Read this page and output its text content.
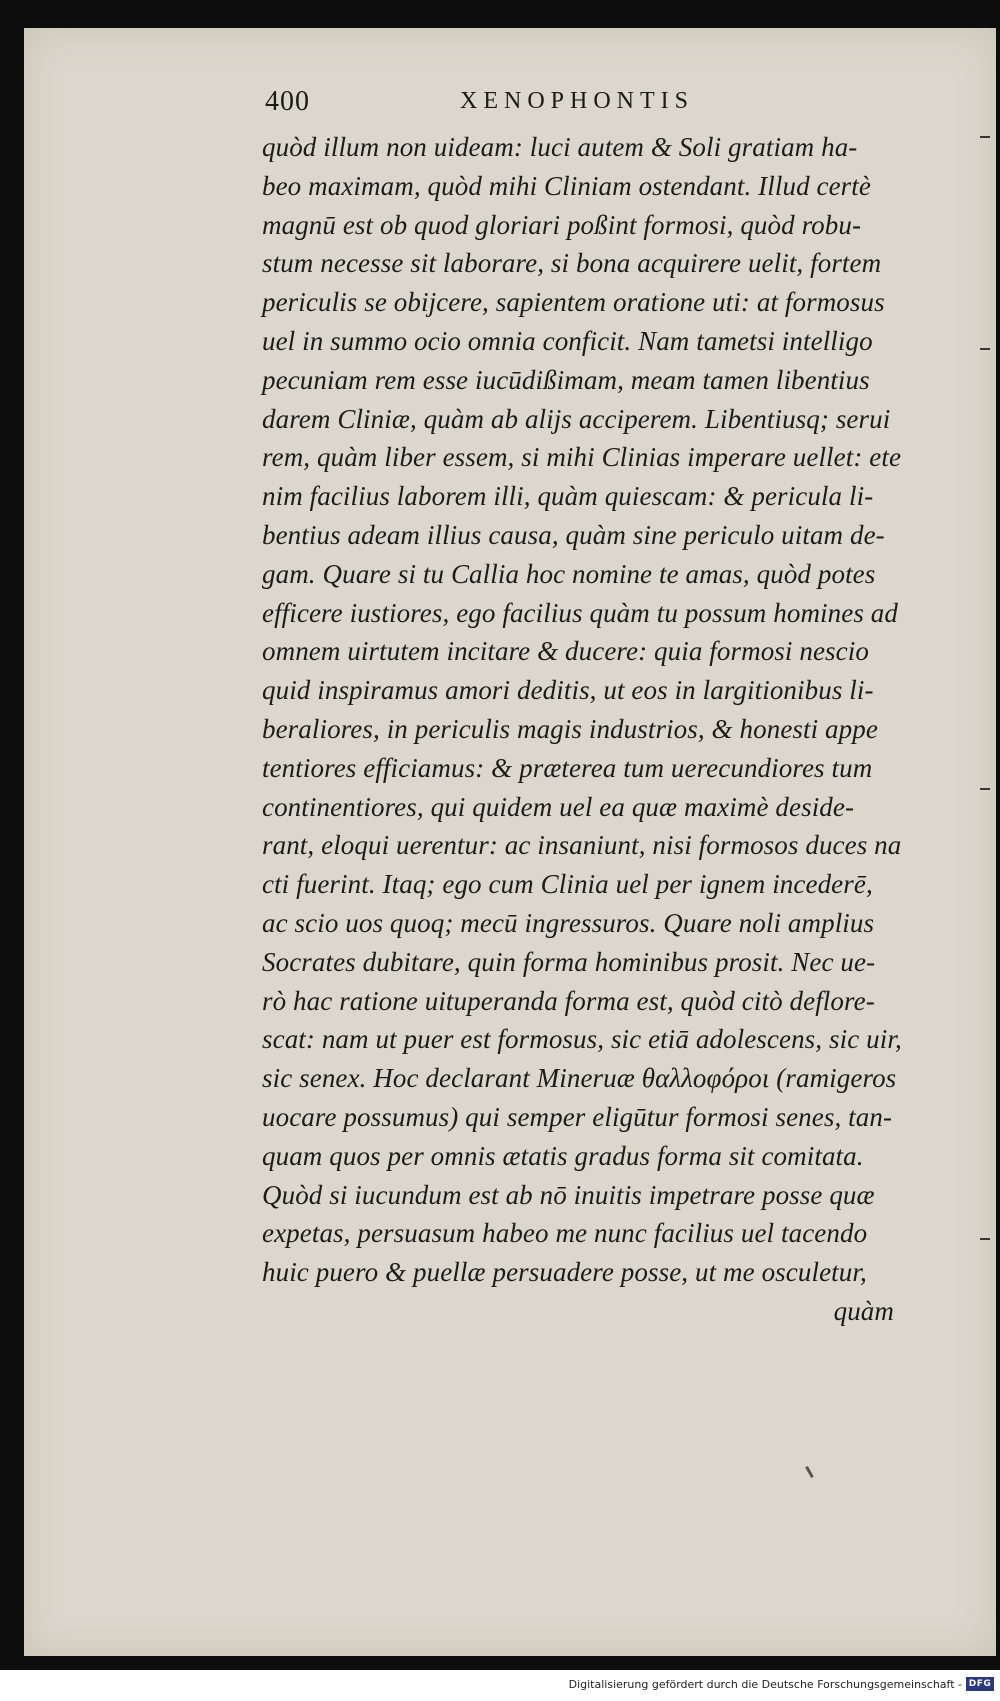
400	XENOPHONTIS
quòd illum non uideam: luci autem & Soli gratiam ha-
beo maximam, quòd mihi Cliniam ostendant. Illud certè
magnū est ob quod gloriari poßint formosi, quòd robu-
stum necesse sit laborare, si bona acquirere uelit, fortem
periculis se obijcere, sapientem oratione uti: at formosus
uel in summo ocio omnia conficit. Nam tametsi intelligo
pecuniam rem esse iucūdißimam, meam tamen libentius
darem Cliniæ, quàm ab alijs acciperem. Libentiusq; serui
rem, quàm liber essem, si mihi Clinias imperare uellet: ete
nim facilius laborem illi, quàm quiescam: & pericula li-
bentius adeam illius causa, quàm sine periculo uitam de-
gam. Quare si tu Callia hoc nomine te amas, quòd potes
efficere iustiores, ego facilius quàm tu possum homines ad
omnem uirtutem incitare & ducere: quia formosi nescio
quid inspiramus amori deditis, ut eos in largitionibus li-
beraliores, in periculis magis industrios, & honesti appe
tentiores efficiamus: & præterea tum uerecundiores tum
continentiores, qui quidem uel ea quæ maximè deside-
rant, eloqui uerentur: ac insaniunt, nisi formosos duces na
cti fuerint. Itaq; ego cum Clinia uel per ignem incederē,
ac scio uos quoq; mecū ingressuros. Quare noli amplius
Socrates dubitare, quin forma hominibus prosit. Nec ue-
rò hac ratione uituperanda forma est, quòd citò deflore-
scat: nam ut puer est formosus, sic etiā adolescens, sic uir,
sic senex. Hoc declarant Mineruæ θαλλοφόροι (ramigeros
uocare possumus) qui semper eligūtur formosi senes, tan-
quam quos per omnis ætatis gradus forma sit comitata.
Quòd si iucundum est ab nō inuitis impetrare posse quæ
expetas, persuasum habeo me nunc facilius uel tacendo
huic puero & puellæ persuadere posse, ut me osculetur,
quàm
Digitalisierung gefördert durch die Deutsche Forschungsgemeinschaft - DFG
